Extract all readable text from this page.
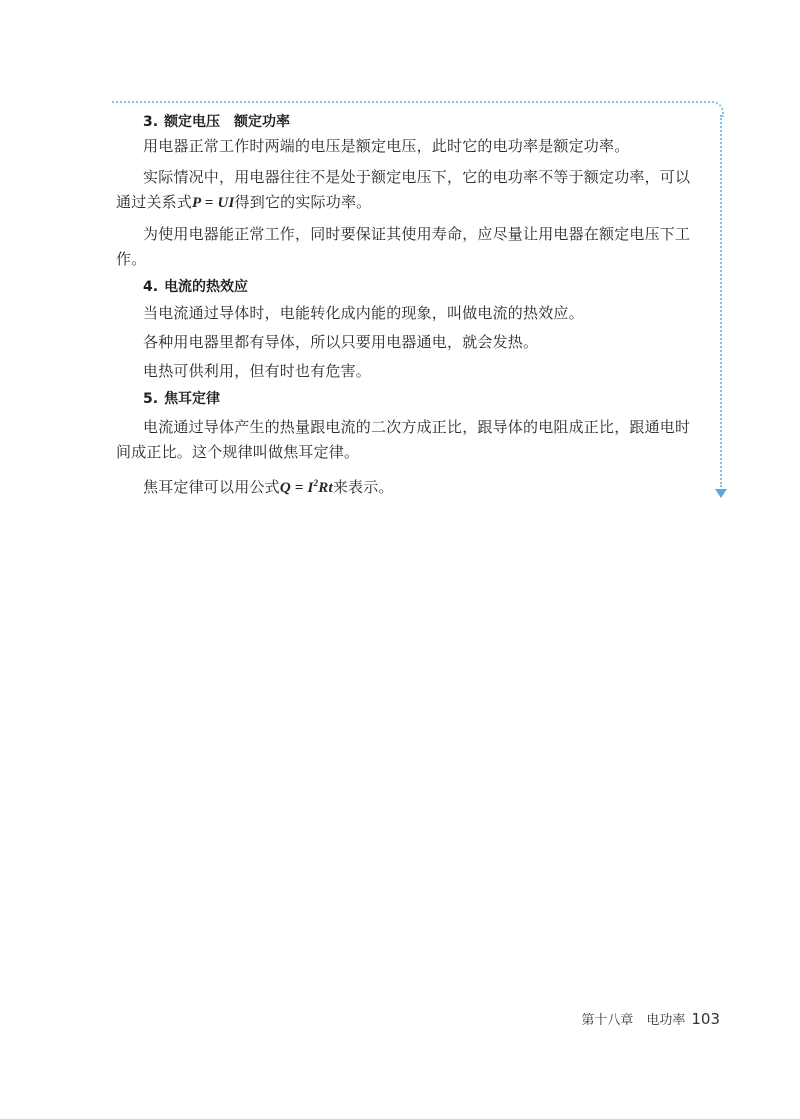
3. 额定电压　额定功率

用电器正常工作时两端的电压是额定电压，此时它的电功率是额定功率。

实际情况中，用电器往往不是处于额定电压下，它的电功率不等于额定功率，可以

通过关系式P = UI得到它的实际功率。

为使用电器能正常工作，同时要保证其使用寿命，应尽量让用电器在额定电压下工

作。

4. 电流的热效应

当电流通过导体时，电能转化成内能的现象，叫做电流的热效应。

各种用电器里都有导体，所以只要用电器通电，就会发热。

电热可供利用，但有时也有危害。

5. 焦耳定律

电流通过导体产生的热量跟电流的二次方成正比，跟导体的电阻成正比，跟通电时

间成正比。这个规律叫做焦耳定律。

焦耳定律可以用公式$Q = I^2Rt$来表示。

第十八章　电功率 103
